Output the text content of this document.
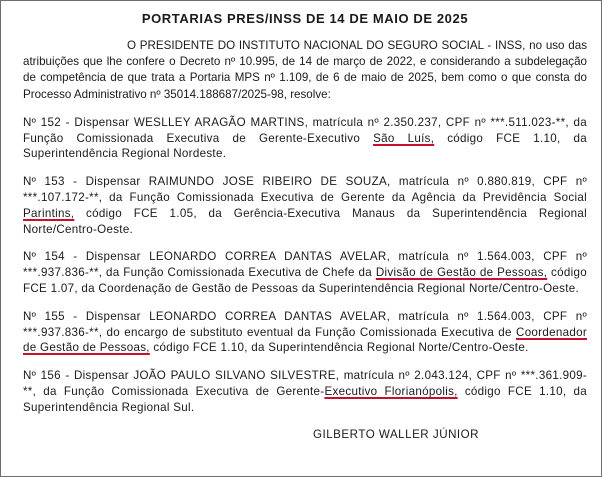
PORTARIAS PRES/INSS DE 14 DE MAIO DE 2025

O PRESIDENTE DO INSTITUTO NACIONAL DO SEGURO SOCIAL - INSS, no uso das atribuições que lhe confere o Decreto nº 10.995, de 14 de março de 2022, e considerando a subdelegação de competência de que trata a Portaria MPS nº 1.109, de 6 de maio de 2025, bem como o que consta do Processo Administrativo nº 35014.188687/2025-98, resolve:

Nº 152 - Dispensar WESLLEY ARAGÃO MARTINS, matrícula nº 2.350.237, CPF nº ***.511.023-**, da Função Comissionada Executiva de Gerente-Executivo São Luís, código FCE 1.10, da Superintendência Regional Nordeste.

Nº 153 - Dispensar RAIMUNDO JOSE RIBEIRO DE SOUZA, matrícula nº 0.880.819, CPF nº ***.107.172-**, da Função Comissionada Executiva de Gerente da Agência da Previdência Social Parintins, código FCE 1.05, da Gerência-Executiva Manaus da Superintendência Regional Norte/Centro-Oeste.

Nº 154 - Dispensar LEONARDO CORREA DANTAS AVELAR, matrícula nº 1.564.003, CPF nº ***.937.836-**, da Função Comissionada Executiva de Chefe da Divisão de Gestão de Pessoas, código FCE 1.07, da Coordenação de Gestão de Pessoas da Superintendência Regional Norte/Centro-Oeste.

Nº 155 - Dispensar LEONARDO CORREA DANTAS AVELAR, matrícula nº 1.564.003, CPF nº ***.937.836-**, do encargo de substituto eventual da Função Comissionada Executiva de Coordenador de Gestão de Pessoas, código FCE 1.10, da Superintendência Regional Norte/Centro-Oeste.

Nº 156 - Dispensar JOÃO PAULO SILVANO SILVESTRE, matrícula nº 2.043.124, CPF nº ***.361.909-**, da Função Comissionada Executiva de Gerente-Executivo Florianópolis, código FCE 1.10, da Superintendência Regional Sul.

GILBERTO WALLER JÚNIOR
